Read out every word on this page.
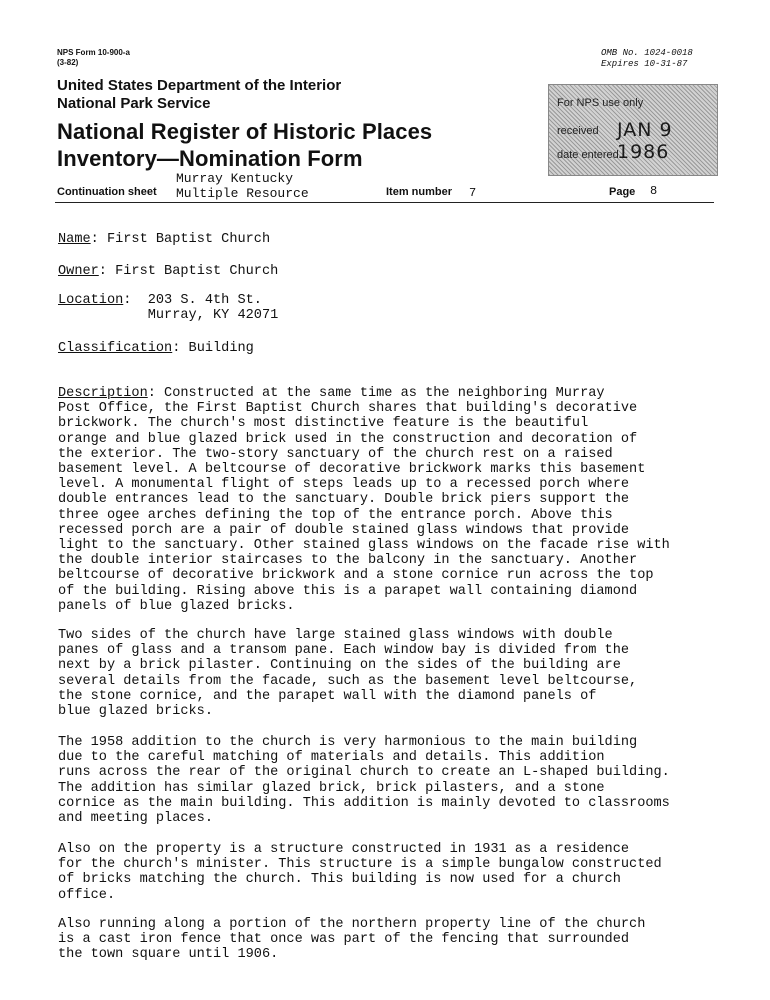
NPS Form 10-900-a
(3-82)
OMB No. 1024-0018
Expires 10-31-87
United States Department of the Interior
National Park Service
National Register of Historic Places
Inventory—Nomination Form
For NPS use only
received JAN 9 1986
date entered
Continuation sheet
Murray Kentucky
Multiple Resource	Item number 7	Page 8
Name: First Baptist Church
Owner: First Baptist Church
Location:  203 S. 4th St.
Murray, KY 42071
Classification: Building
Description: Constructed at the same time as the neighboring Murray
Post Office, the First Baptist Church shares that building's decorative
brickwork. The church's most distinctive feature is the beautiful
orange and blue glazed brick used in the construction and decoration of
the exterior. The two-story sanctuary of the church rest on a raised
basement level. A beltcourse of decorative brickwork marks this basement
level. A monumental flight of steps leads up to a recessed porch where
double entrances lead to the sanctuary. Double brick piers support the
three ogee arches defining the top of the entrance porch. Above this
recessed porch are a pair of double stained glass windows that provide
light to the sanctuary. Other stained glass windows on the facade rise with
the double interior staircases to the balcony in the sanctuary. Another
beltcourse of decorative brickwork and a stone cornice run across the top
of the building. Rising above this is a parapet wall containing diamond
panels of blue glazed bricks.
Two sides of the church have large stained glass windows with double
panes of glass and a transom pane. Each window bay is divided from the
next by a brick pilaster. Continuing on the sides of the building are
several details from the facade, such as the basement level beltcourse,
the stone cornice, and the parapet wall with the diamond panels of
blue glazed bricks.
The 1958 addition to the church is very harmonious to the main building
due to the careful matching of materials and details. This addition
runs across the rear of the original church to create an L-shaped building.
The addition has similar glazed brick, brick pilasters, and a stone
cornice as the main building. This addition is mainly devoted to classrooms
and meeting places.
Also on the property is a structure constructed in 1931 as a residence
for the church's minister. This structure is a simple bungalow constructed
of bricks matching the church. This building is now used for a church
office.
Also running along a portion of the northern property line of the church
is a cast iron fence that once was part of the fencing that surrounded
the town square until 1906.
